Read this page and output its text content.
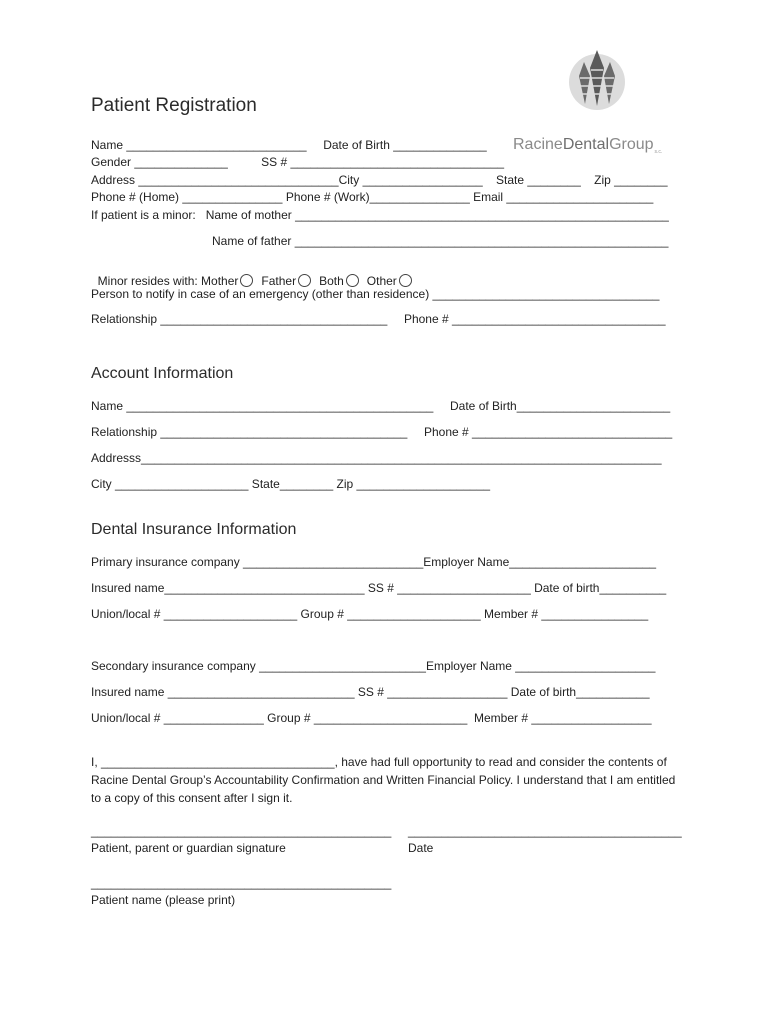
RacineDentalGroup$_{s.c.}$
Patient Registration
Name ___________________________     Date of Birth ______________
Gender ______________          SS # ________________________________
Address ______________________________City __________________    State ________    Zip ________
Phone # (Home) _______________ Phone # (Work)_______________ Email ______________________
If patient is a minor:   Name of mother ________________________________________________________
Name of father ________________________________________________________

Minor resides with: Mother Father Both Other

Person to notify in case of an emergency (other than residence) __________________________________
Relationship __________________________________     Phone # ________________________________
Account Information
Name ______________________________________________     Date of Birth_______________________
Relationship _____________________________________     Phone # ______________________________
Addresss______________________________________________________________________________
City ____________________ State________ Zip ____________________
Dental Insurance Information
Primary insurance company ___________________________Employer Name______________________
Insured name______________________________ SS # ____________________ Date of birth__________
Union/local # ____________________ Group # ____________________ Member # ________________
Secondary insurance company _________________________Employer Name _____________________
Insured name ____________________________ SS # __________________ Date of birth___________
Union/local # _______________ Group # _______________________  Member # __________________
I, ___________________________________, have had full opportunity to read and consider the contents of Racine Dental Group’s Accountability Confirmation and Written Financial Policy. I understand that I am entitled to a copy of this consent after I sign it.
_____________________________________________     _________________________________________
Patient, parent or guardian signature	Date
_____________________________________________
Patient name (please print)
